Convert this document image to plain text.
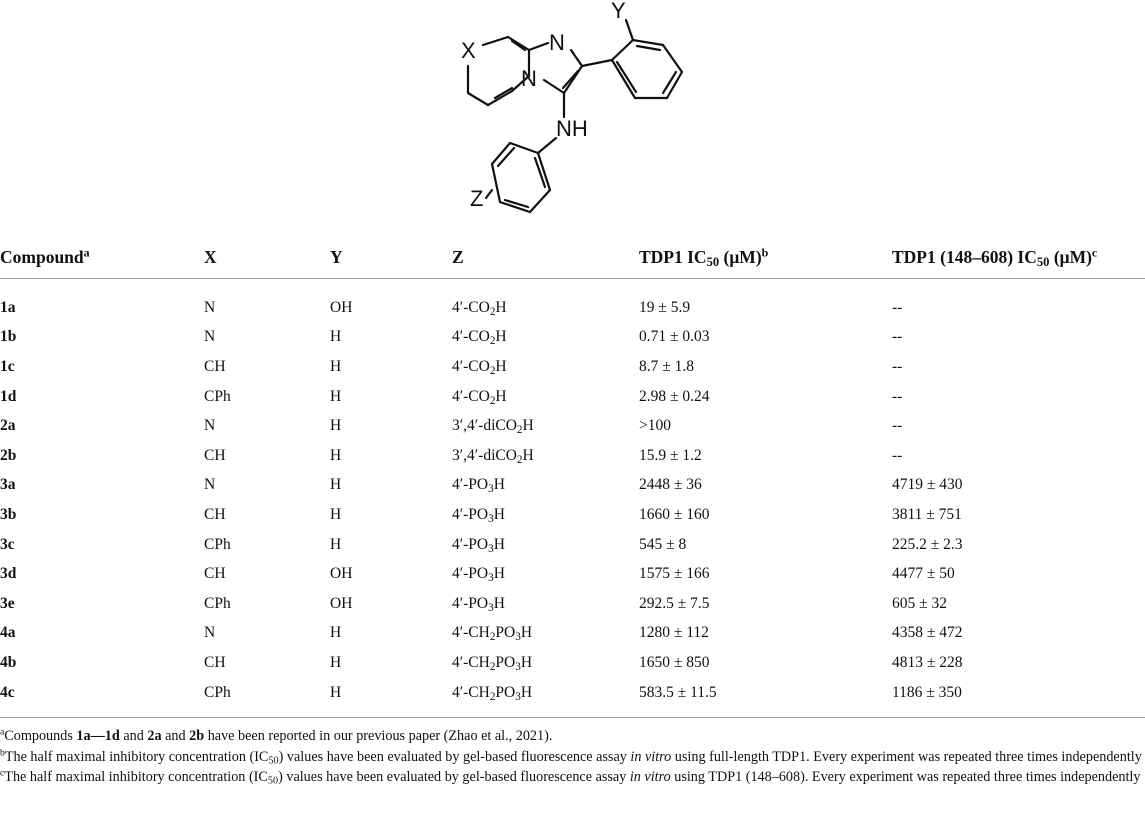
X	N
N
NH
Y
Z
Compound$^a$	X	Y	Z	TDP1 $IC_{50}$ $(\mu M)^b$	TDP1 (148–608) $IC_{50}$ $(\mu M)^c$
1a	N	OH	$4'-CO_2H$	19 ± 5.9	--
1b	N	H	$4'-CO_2H$	0.71 ± 0.03	--
1c	CH	H	$4'-CO_2H$	8.7 ± 1.8	--
1d	CPh	H	$4'-CO_2H$	2.98 ± 0.24	--
2a	N	H	3′,4′-diCO$_2$H	>100	--
2b	CH	H	3′,4′-diCO$_2$H	15.9 ± 1.2	--
3a	N	H	$4'-PO_3H$	2448 ± 36	4719 ± 430
3b	CH	H	$4'-PO_3H$	1660 ± 160	3811 ± 751
3c	CPh	H	$4'-PO_3H$	545 ± 8	225.2 ± 2.3
3d	CH	OH	$4'-PO_3H$	1575 ± 166	4477 ± 50
3e	CPh	OH	$4'-PO_3H$	292.5 ± 7.5	605 ± 32
4a	N	H	$4'-CH_2PO_3H$	1280 ± 112	4358 ± 472
4b	CH	H	$4'-CH_2PO_3H$	1650 ± 850	4813 ± 228
4c	CPh	H	$4'-CH_2PO_3H$	583.5 ± 11.5	1186 ± 350

$^a$Compounds 1a—1d and 2a and 2b have been reported in our previous paper (Zhao et al., 2021).

$^b$The half maximal inhibitory concentration $(IC_{50})$ values have been evaluated by gel-based fluorescence assay in vitro using full-length TDP1. Every experiment was repeated three times independently

$^c$The half maximal inhibitory concentration $(IC_{50})$ values have been evaluated by gel-based fluorescence assay in vitro using TDP1 (148–608). Every experiment was repeated three times independently
